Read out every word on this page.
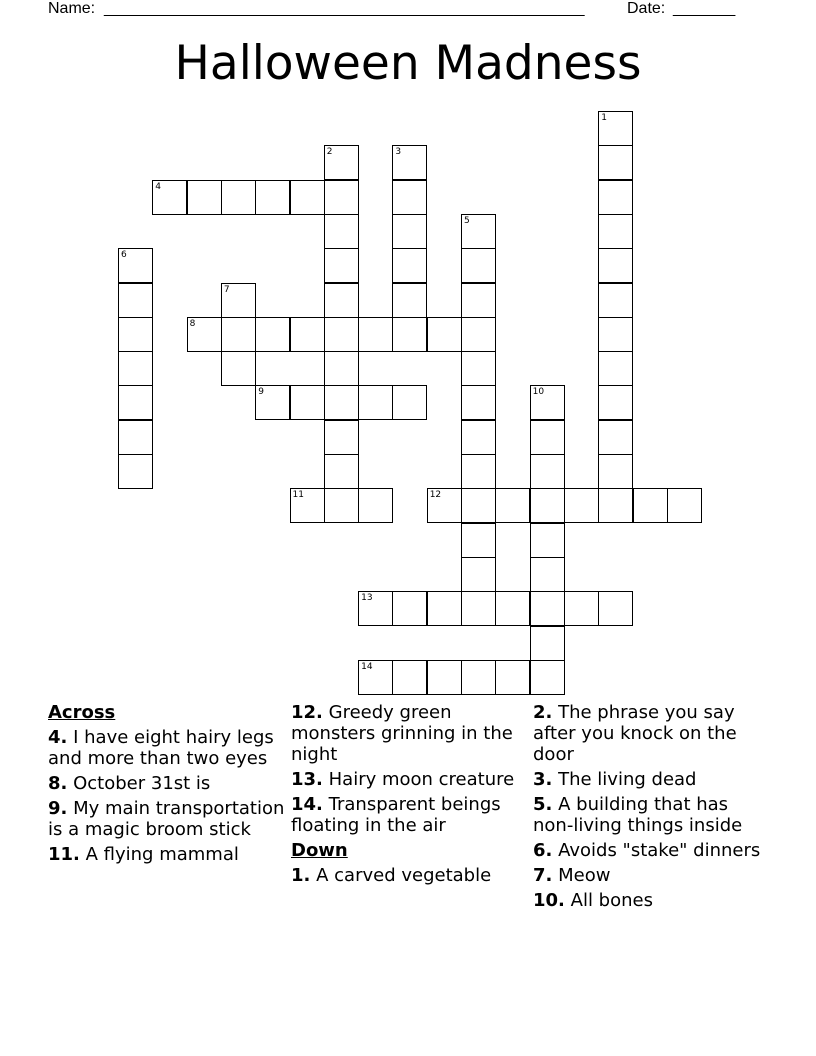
Name: ______________________________________________________	Date: _______
Halloween Madness
1
2	3
4
5
6
7
8
9	10
11	12
13
14
Across
4. I have eight hairy legs and more than two eyes
8. October 31st is
9. My main transportation is a magic broom stick
11. A flying mammal
12. Greedy green monsters grinning in the night
13. Hairy moon creature
14. Transparent beings floating in the air
Down
1. A carved vegetable
2. The phrase you say after you knock on the door
3. The living dead
5. A building that has non-living things inside
6. Avoids "stake" dinners
7. Meow
10. All bones
